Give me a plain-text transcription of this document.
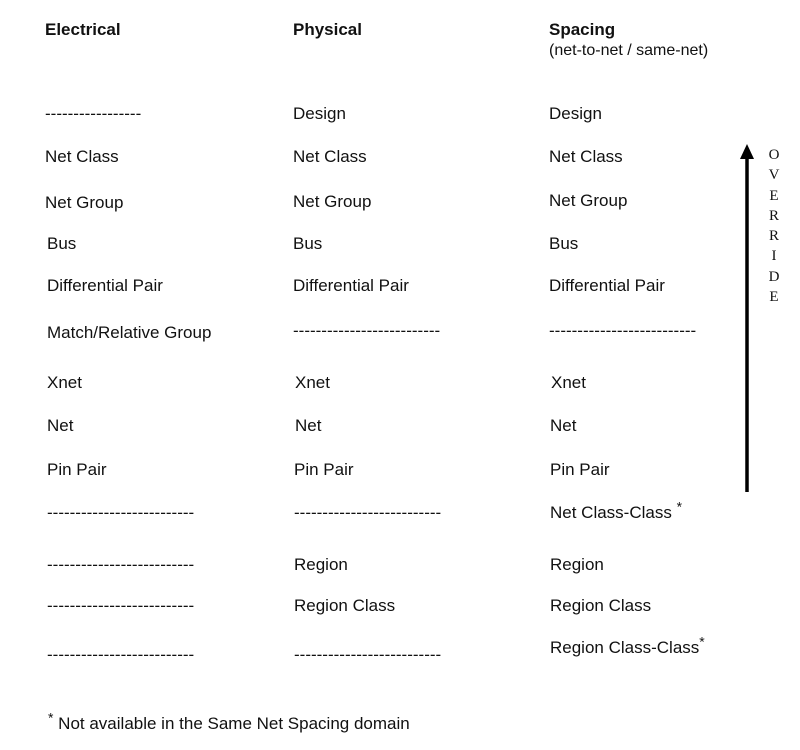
Electrical	Physical	Spacing
(net-to-net / same-net)
-----------------	Design	Design
Net Class	Net Class	Net Class
Net Group	Net Group	Net Group
Bus	Bus	Bus
Differential Pair	Differential Pair	Differential Pair
Match/Relative Group	--------------------------	--------------------------
Xnet	Xnet	Xnet
Net	Net	Net
Pin Pair	Pin Pair	Pin Pair
--------------------------	--------------------------	Net Class-Class *
--------------------------	Region	Region
--------------------------	Region Class	Region Class
--------------------------	--------------------------	Region Class-Class*
O
V
E
R
R
I
D
E
* Not available in the Same Net Spacing domain
